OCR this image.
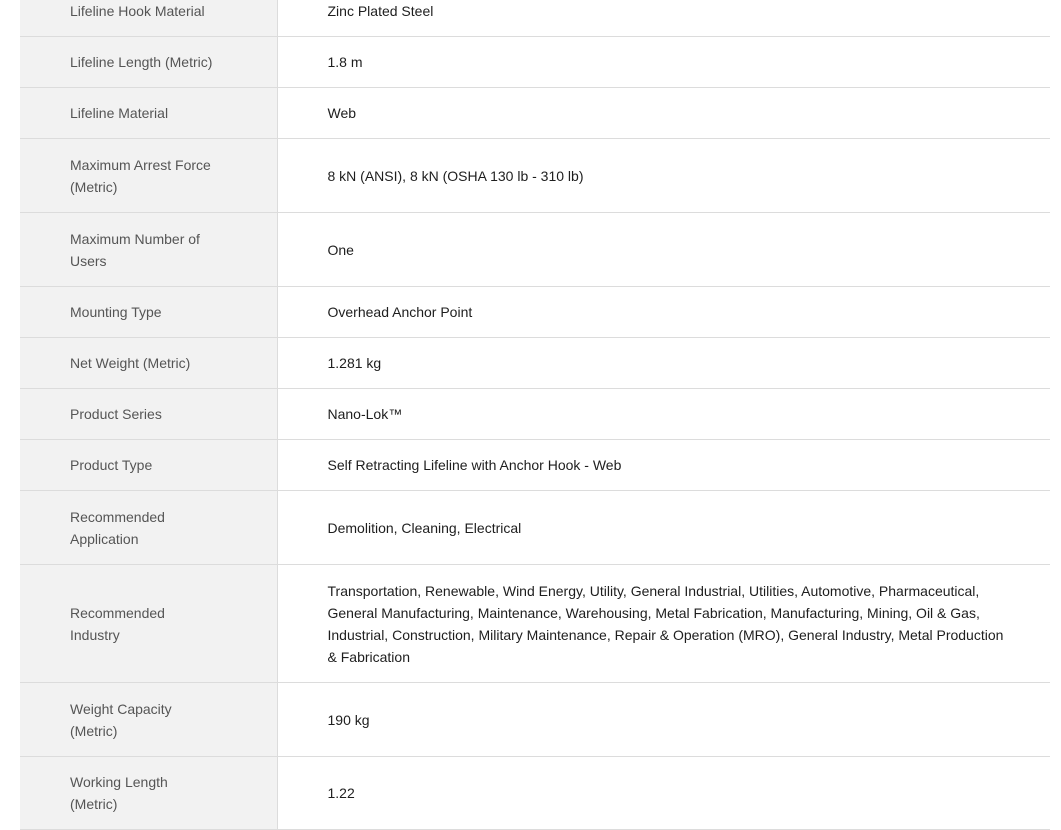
Lifeline Hook Material	Zinc Plated Steel
Lifeline Length (Metric)	1.8 m
Lifeline Material	Web
Maximum Arrest Force (Metric)	8 kN (ANSI), 8 kN (OSHA 130 lb - 310 lb)
Maximum Number of Users	One
Mounting Type	Overhead Anchor Point
Net Weight (Metric)	1.281 kg
Product Series	Nano-Lok™
Product Type	Self Retracting Lifeline with Anchor Hook - Web
Recommended Application	Demolition, Cleaning, Electrical
Recommended Industry	Transportation, Renewable, Wind Energy, Utility, General Industrial, Utilities, Automotive, Pharmaceutical, General Manufacturing, Maintenance, Warehousing, Metal Fabrication, Manufacturing, Mining, Oil & Gas, Industrial, Construction, Military Maintenance, Repair & Operation (MRO), General Industry, Metal Production & Fabrication
Weight Capacity (Metric)	190 kg
Working Length (Metric)	1.22
